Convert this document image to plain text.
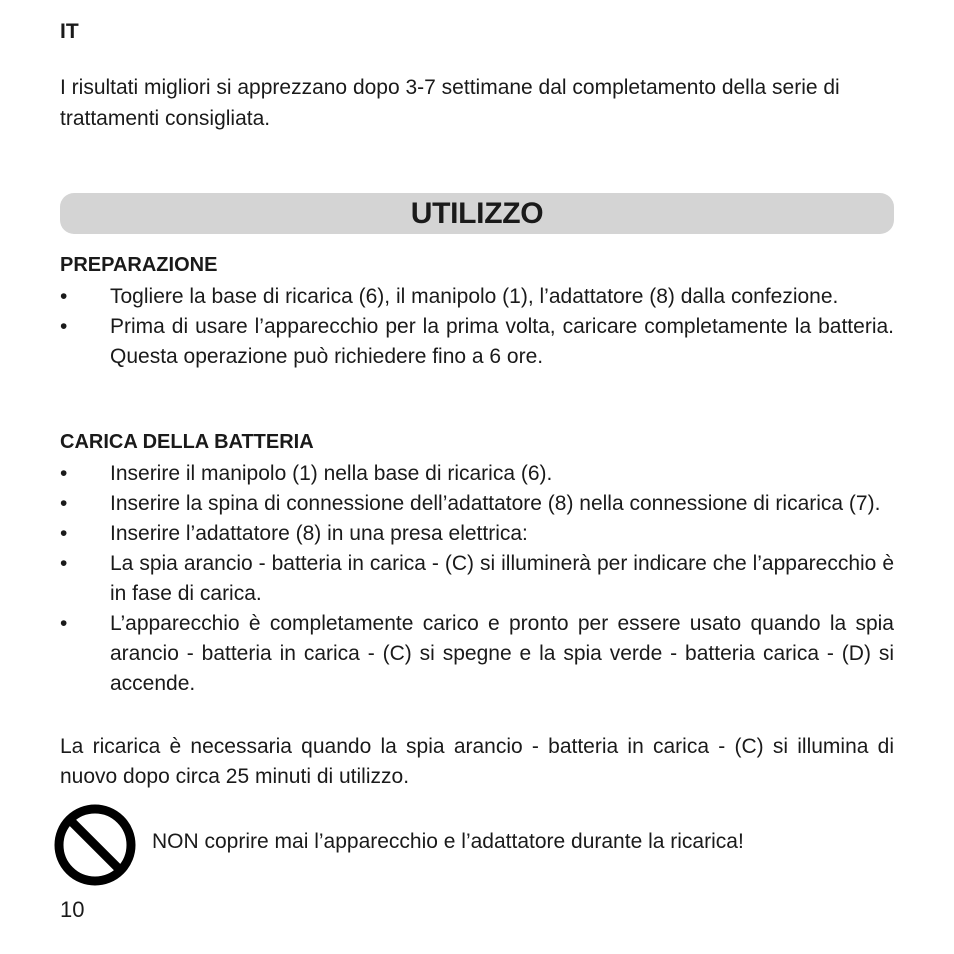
IT
I risultati migliori si apprezzano dopo 3-7 settimane dal completamento della serie di trattamenti consigliata.
UTILIZZO
PREPARAZIONE
• Togliere la base di ricarica (6), il manipolo (1), l’adattatore (8) dalla confezione.
• Prima di usare l’apparecchio per la prima volta, caricare completamente la batteria. Questa operazione può richiedere fino a 6 ore.
CARICA DELLA BATTERIA
• Inserire il manipolo (1) nella base di ricarica (6).
• Inserire la spina di connessione dell’adattatore (8) nella connessione di ricarica (7).
• Inserire l’adattatore (8) in una presa elettrica:
• La spia arancio - batteria in carica - (C) si illuminerà per indicare che l’apparecchio è in fase di carica.
• L’apparecchio è completamente carico e pronto per essere usato quando la spia arancio - batteria in carica - (C) si spegne e la spia verde - batteria carica - (D) si accende.
La ricarica è necessaria quando la spia arancio - batteria in carica - (C) si illumina di nuovo dopo circa 25 minuti di utilizzo.
NON coprire mai l’apparecchio e l’adattatore durante la ricarica!
10
